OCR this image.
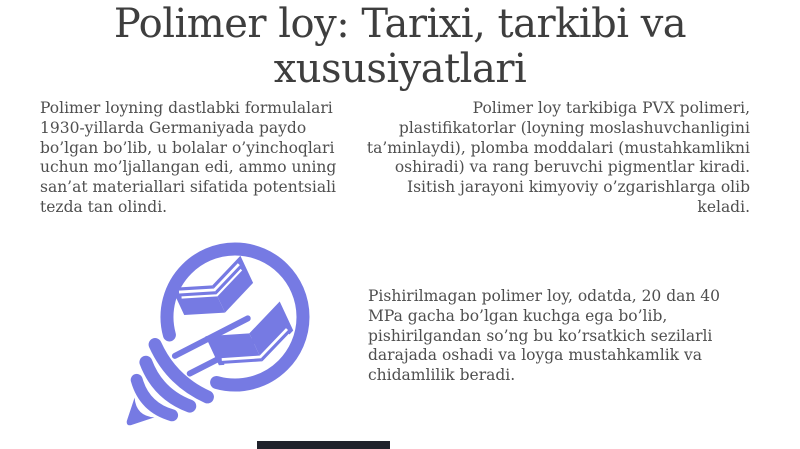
Polimer loy: Tarixi, tarkibi va xususiyatlari

Polimer loyning dastlabki formulalari 1930-yillarda Germaniyada paydo bo’lgan bo’lib, u bolalar o’yinchoqlari uchun mo’ljallangan edi, ammo uning san’at materiallari sifatida potentsiali tezda tan olindi.

Polimer loy tarkibiga PVX polimeri, plastifikatorlar (loyning moslashuvchanligini ta’minlaydi), plomba moddalari (mustahkamlikni oshiradi) va rang beruvchi pigmentlar kiradi. Isitish jarayoni kimyoviy o’zgarishlarga olib keladi.

Pishirilmagan polimer loy, odatda, 20 dan 40 MPa gacha bo’lgan kuchga ega bo’lib, pishirilgandan so’ng bu ko’rsatkich sezilarli darajada oshadi va loyga mustahkamlik va chidamlilik beradi.
